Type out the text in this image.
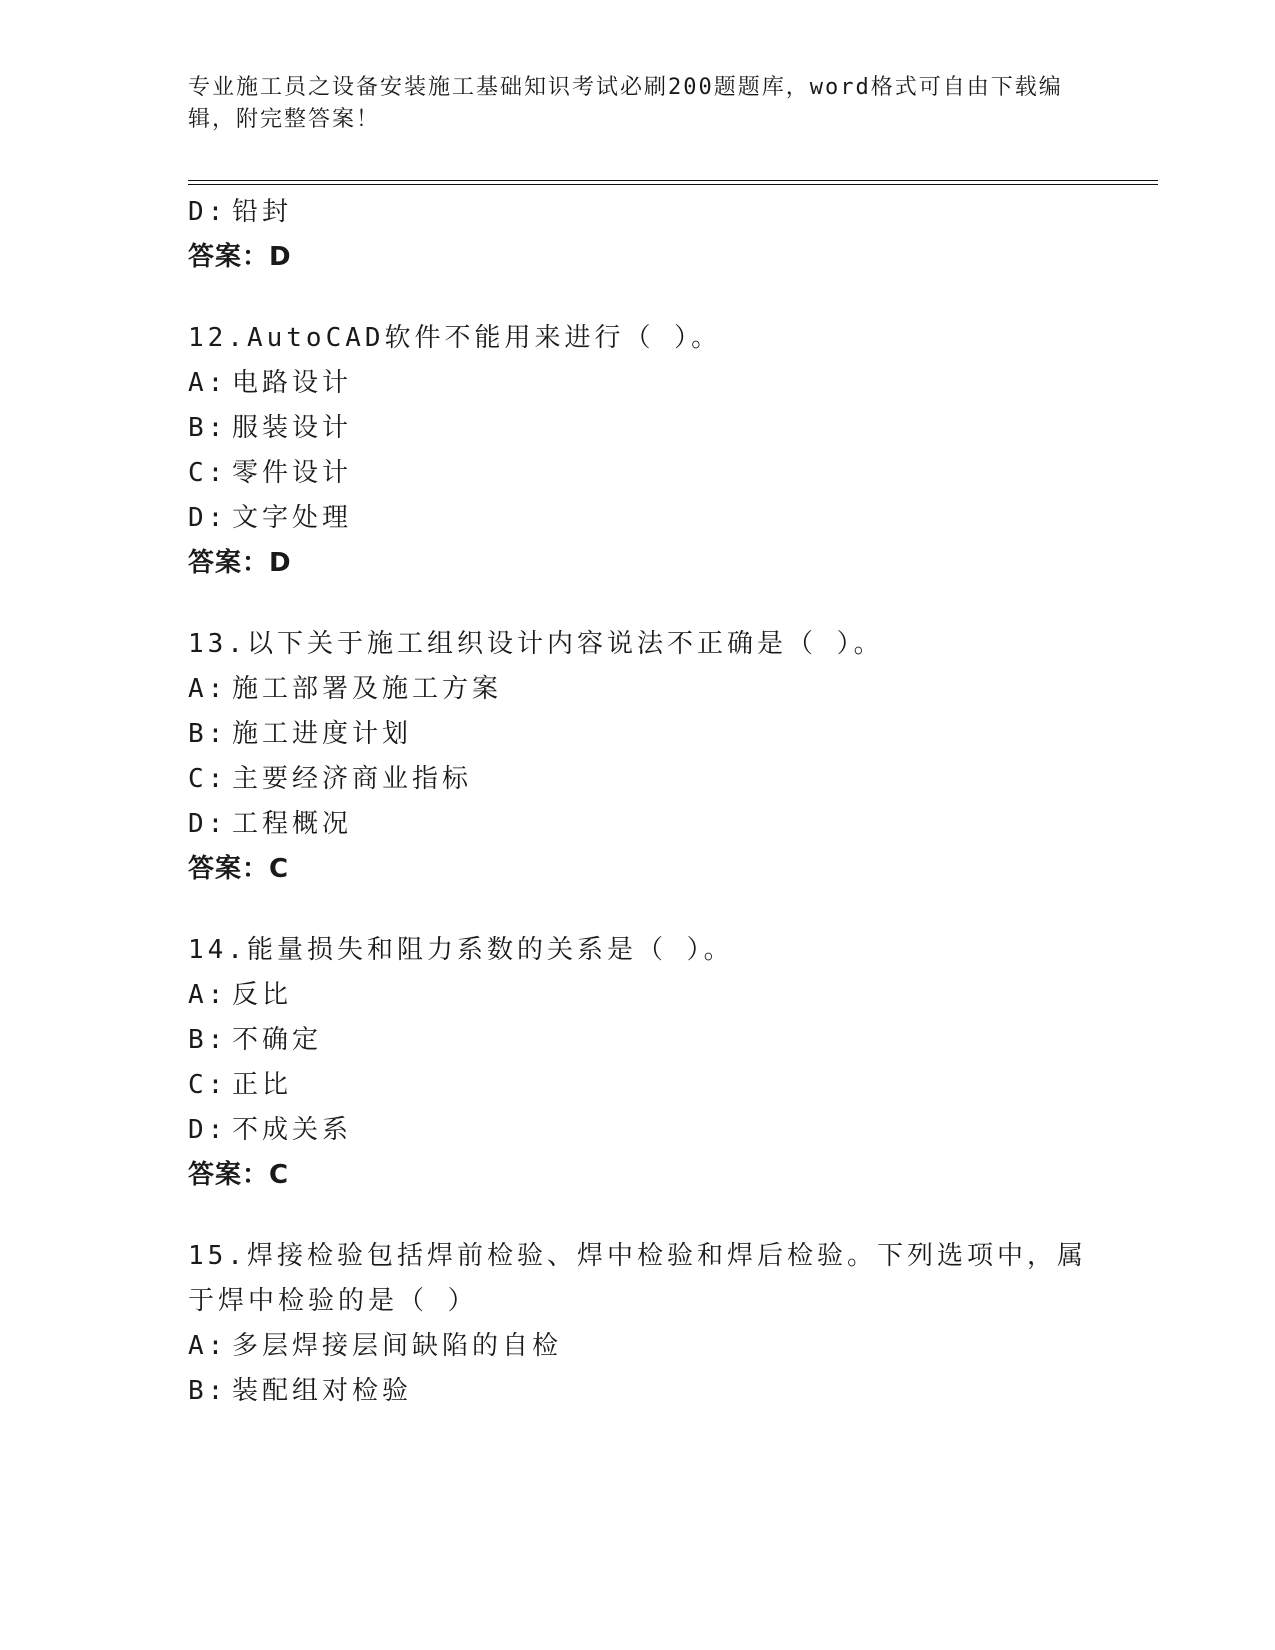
专业施工员之设备安装施工基础知识考试必刷200题题库，word格式可自由下载编辑，附完整答案！
D: 铅封
答案：D
12.AutoCAD软件不能用来进行（ ）。
A: 电路设计
B: 服装设计
C: 零件设计
D: 文字处理
答案：D
13.以下关于施工组织设计内容说法不正确是（ ）。
A: 施工部署及施工方案
B: 施工进度计划
C: 主要经济商业指标
D: 工程概况
答案：C
14.能量损失和阻力系数的关系是（ ）。
A: 反比
B: 不确定
C: 正比
D: 不成关系
答案：C
15.焊接检验包括焊前检验、焊中检验和焊后检验。下列选项中，属于焊中检验的是（ ）
A: 多层焊接层间缺陷的自检
B: 装配组对检验
